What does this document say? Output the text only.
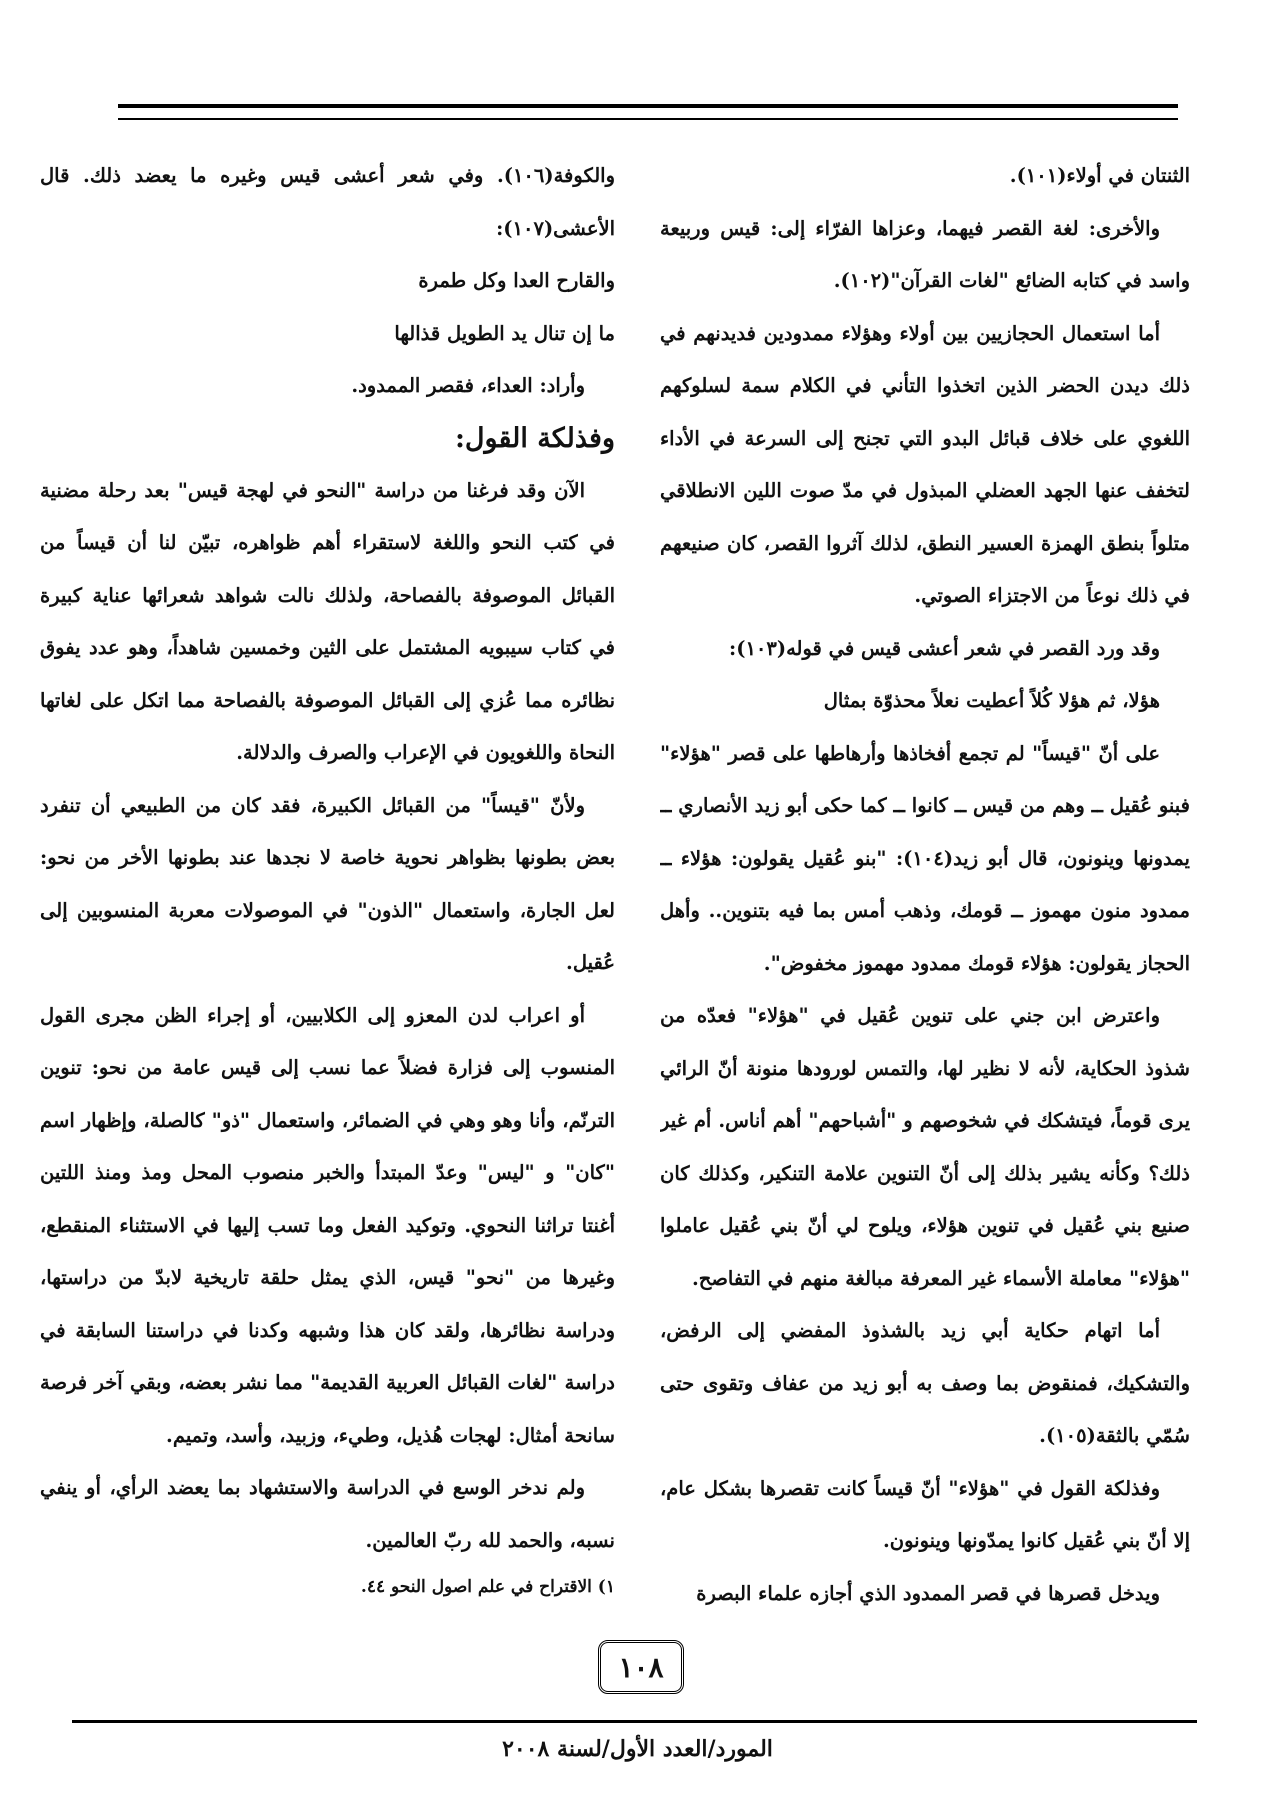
الثنتان في أولاء(١٠١).

والأخرى: لغة القصر فيهما، وعزاها الفرّاء إلى: قيس وربيعة واسد في كتابه الضائع "لغات القرآن"(١٠٢).

أما استعمال الحجازيين بين أولاء وهؤلاء ممدودين فديدنهم في ذلك ديدن الحضر الذين اتخذوا التأني في الكلام سمة لسلوكهم اللغوي على خلاف قبائل البدو التي تجنح إلى السرعة في الأداء لتخفف عنها الجهد العضلي المبذول في مدّ صوت اللين الانطلاقي متلواً بنطق الهمزة العسير النطق، لذلك آثروا القصر، كان صنيعهم في ذلك نوعاً من الاجتزاء الصوتي.

وقد ورد القصر في شعر أعشى قيس في قوله(١٠٣):

هؤلا، ثم هؤلا كُلاً أعطيت نعلاً محذوّة بمثال

على أنّ "قيساً" لم تجمع أفخاذها وأرهاطها على قصر "هؤلاء" فبنو عُقيل ــ وهم من قيس ــ كانوا ــ كما حكى أبو زيد الأنصاري ــ يمدونها وينونون، قال أبو زيد(١٠٤): "بنو عُقيل يقولون: هؤلاء ــ ممدود منون مهموز ــ قومك، وذهب أمس بما فيه بتنوين.. وأهل الحجاز يقولون: هؤلاء قومك ممدود مهموز مخفوض".

واعترض ابن جني على تنوين عُقيل في "هؤلاء" فعدّه من شذوذ الحكاية، لأنه لا نظير لها، والتمس لورودها منونة أنّ الرائي يرى قوماً، فيتشكك في شخوصهم و "أشباحهم" أهم أناس. أم غير ذلك؟ وكأنه يشير بذلك إلى أنّ التنوين علامة التنكير، وكذلك كان صنيع بني عُقيل في تنوين هؤلاء، ويلوح لي أنّ بني عُقيل عاملوا "هؤلاء" معاملة الأسماء غير المعرفة مبالغة منهم في التفاصح.

أما اتهام حكاية أبي زيد بالشذوذ المفضي إلى الرفض، والتشكيك، فمنقوض بما وصف به أبو زيد من عفاف وتقوى حتى سُمّي بالثقة(١٠٥).

وفذلكة القول في "هؤلاء" أنّ قيساً كانت تقصرها بشكل عام، إلا أنّ بني عُقيل كانوا يمدّونها وينونون.

ويدخل قصرها في قصر الممدود الذي أجازه علماء البصرة

والكوفة(١٠٦). وفي شعر أعشى قيس وغيره ما يعضد ذلك. قال الأعشى(١٠٧):

والقارح العدا وكل طمرة

ما إن تنال يد الطويل قذالها

وأراد: العداء، فقصر الممدود.

وفذلكة القول:

الآن وقد فرغنا من دراسة "النحو في لهجة قيس" بعد رحلة مضنية في كتب النحو واللغة لاستقراء أهم ظواهره، تبيّن لنا أن قيساً من القبائل الموصوفة بالفصاحة، ولذلك نالت شواهد شعرائها عناية كبيرة في كتاب سيبويه المشتمل على الثين وخمسين شاهداً، وهو عدد يفوق نظائره مما عُزي إلى القبائل الموصوفة بالفصاحة مما اتكل على لغاتها النحاة واللغويون في الإعراب والصرف والدلالة.

ولأنّ "قيساً" من القبائل الكبيرة، فقد كان من الطبيعي أن تنفرد بعض بطونها بظواهر نحوية خاصة لا نجدها عند بطونها الأخر من نحو: لعل الجارة، واستعمال "الذون" في الموصولات معربة المنسوبين إلى عُقيل.

أو اعراب لدن المعزو إلى الكلابيين، أو إجراء الظن مجرى القول المنسوب إلى فزارة فضلاً عما نسب إلى قيس عامة من نحو: تنوين الترنّم، وأنا وهو وهي في الضمائر، واستعمال "ذو" كالصلة، وإظهار اسم "كان" و "ليس" وعدّ المبتدأ والخبر منصوب المحل ومذ ومنذ اللتين أغنتا تراثنا النحوي. وتوكيد الفعل وما تسب إليها في الاستثناء المنقطع، وغيرها من "نحو" قيس، الذي يمثل حلقة تاريخية لابدّ من دراستها، ودراسة نظائرها، ولقد كان هذا وشبهه وكدنا في دراستنا السابقة في دراسة "لغات القبائل العربية القديمة" مما نشر بعضه، وبقي آخر فرصة سانحة أمثال: لهجات هُذيل، وطيء، وزبيد، وأسد، وتميم.

ولم ندخر الوسع في الدراسة والاستشهاد بما يعضد الرأي، أو ينفي نسبه، والحمد لله ربّ العالمين.

١) الاقتراح في علم اصول النحو ٤٤.

١٠٨
المورد/العدد الأول/لسنة ٢٠٠٨
